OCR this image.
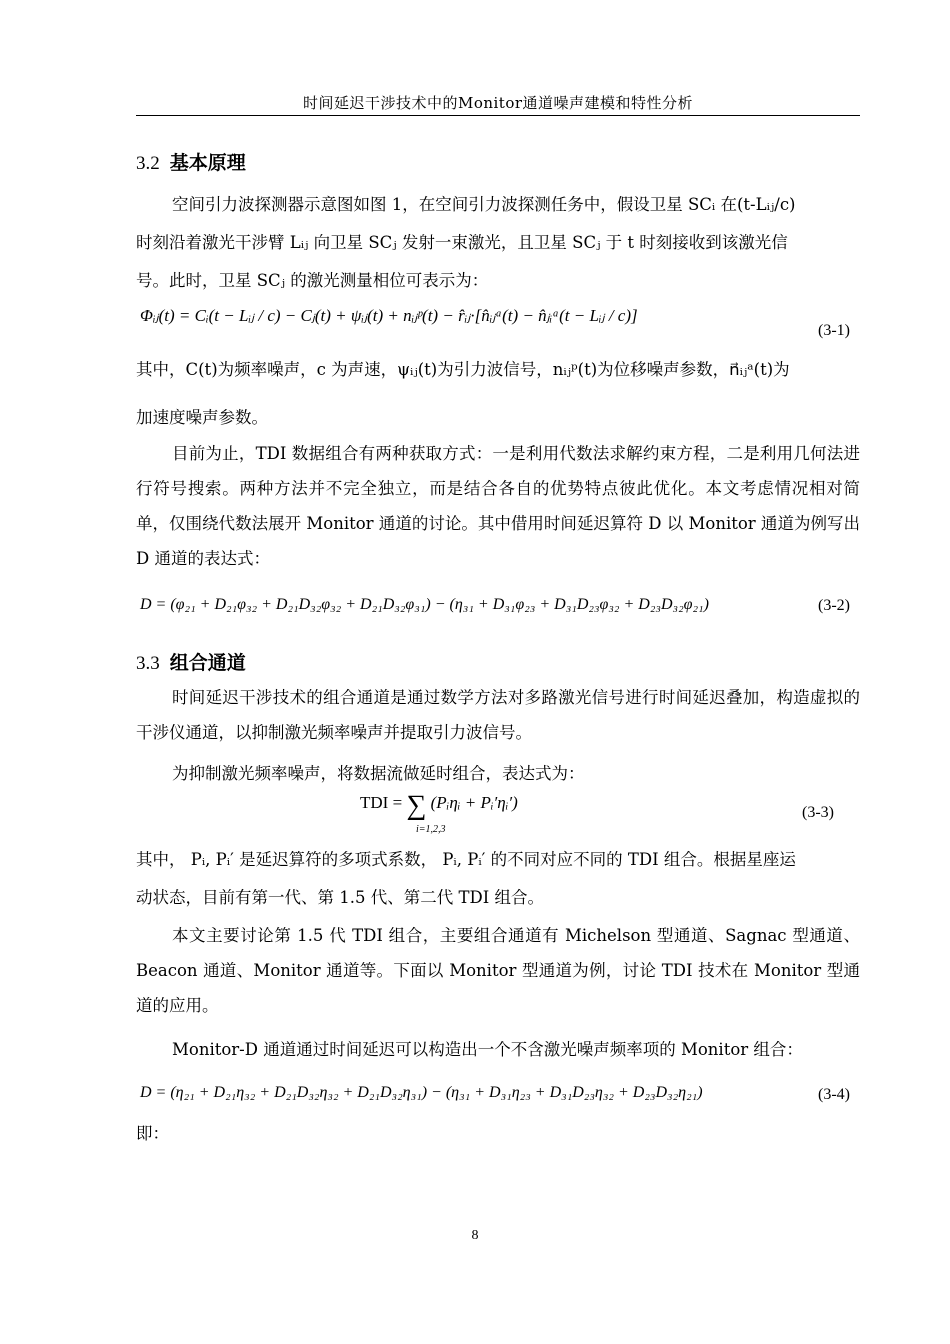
时间延迟干涉技术中的Monitor通道噪声建模和特性分析
3.2 基本原理
空间引力波探测器示意图如图 1，在空间引力波探测任务中，假设卫星 SCᵢ 在(t-Lᵢⱼ/c)
时刻沿着激光干涉臂 Lᵢⱼ 向卫星 SCⱼ 发射一束激光，且卫星 SCⱼ 于 t 时刻接收到该激光信
号。此时，卫星 SCⱼ 的激光测量相位可表示为：
Φᵢⱼ(t) = Cᵢ(t − Lᵢⱼ / c) − Cⱼ(t) + ψᵢⱼ(t) + nᵢⱼᵖ(t) − r̂ᵢⱼ·[n̂ᵢⱼᵃ(t) − n̂ⱼᵢᵃ(t − Lᵢⱼ / c)]
(3-1)
其中，C(t)为频率噪声，c 为声速，ψᵢⱼ(t)为引力波信号，nᵢⱼᵖ(t)为位移噪声参数，n⃗ᵢⱼᵃ(t)为
加速度噪声参数。
目前为止，TDI 数据组合有两种获取方式：一是利用代数法求解约束方程，二是利用几何法进行符号搜索。两种方法并不完全独立，而是结合各自的优势特点彼此优化。本文考虑情况相对简单，仅围绕代数法展开 Monitor 通道的讨论。其中借用时间延迟算符 D 以 Monitor 通道为例写出 D 通道的表达式：
D = (φ₂₁ + D₂₁φ₃₂ + D₂₁D₃₂φ₃₂ + D₂₁D₃₂φ₃₁) − (η₃₁ + D₃₁φ₂₃ + D₃₁D₂₃φ₃₂ + D₂₃D₃₂φ₂₁)	(3-2)
3.3 组合通道
时间延迟干涉技术的组合通道是通过数学方法对多路激光信号进行时间延迟叠加，构造虚拟的干涉仪通道，以抑制激光频率噪声并提取引力波信号。
为抑制激光频率噪声，将数据流做延时组合，表达式为：
TDI = ∑ (Pᵢηᵢ + Pᵢ′ηᵢ′)
i=1,2,3
(3-3)
其中， Pᵢ, Pᵢ′ 是延迟算符的多项式系数， Pᵢ, Pᵢ′ 的不同对应不同的 TDI 组合。根据星座运
动状态，目前有第一代、第 1.5 代、第二代 TDI 组合。
本文主要讨论第 1.5 代 TDI 组合，主要组合通道有 Michelson 型通道、Sagnac 型通道、Beacon 通道、Monitor 通道等。下面以 Monitor 型通道为例，讨论 TDI 技术在 Monitor 型通道的应用。
Monitor-D 通道通过时间延迟可以构造出一个不含激光噪声频率项的 Monitor 组合：
D = (η₂₁ + D₂₁η₃₂ + D₂₁D₃₂η₃₂ + D₂₁D₃₂η₃₁) − (η₃₁ + D₃₁η₂₃ + D₃₁D₂₃η₃₂ + D₂₃D₃₂η₂₁)	(3-4)
即：
8
